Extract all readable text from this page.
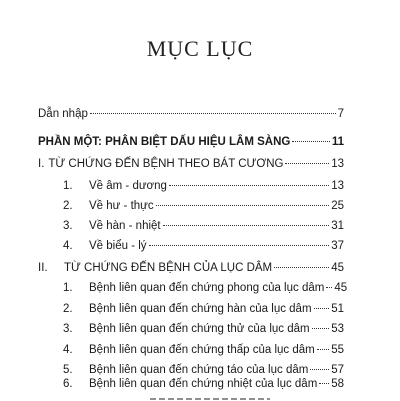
MỤC LỤC
Dẫn nhập	7
PHẦN MỘT: PHÂN BIỆT DẤU HIỆU LÂM SÀNG	11
I. TỪ CHỨNG ĐẾN BỆNH THEO BÁT CƯƠNG	13
1.	Về âm - dương	13
2.	Về hư - thực	25
3.	Về hàn - nhiệt	31
4.	Về biểu - lý	37
II.	TỪ CHỨNG ĐẾN BỆNH CỦA LỤC DÂM	45
1.	Bệnh liên quan đến chứng phong của lục dâm 45
2.	Bệnh liên quan đến chứng hàn của lục dâm 51
3.	Bệnh liên quan đến chứng thử của lục dâm 53
4.	Bệnh liên quan đến chứng thấp của lục dâm 55
5.	Bệnh liên quan đến chứng táo của lục dâm 57
6.	Bệnh liên quan đến chứng nhiệt của lục dâm 58
